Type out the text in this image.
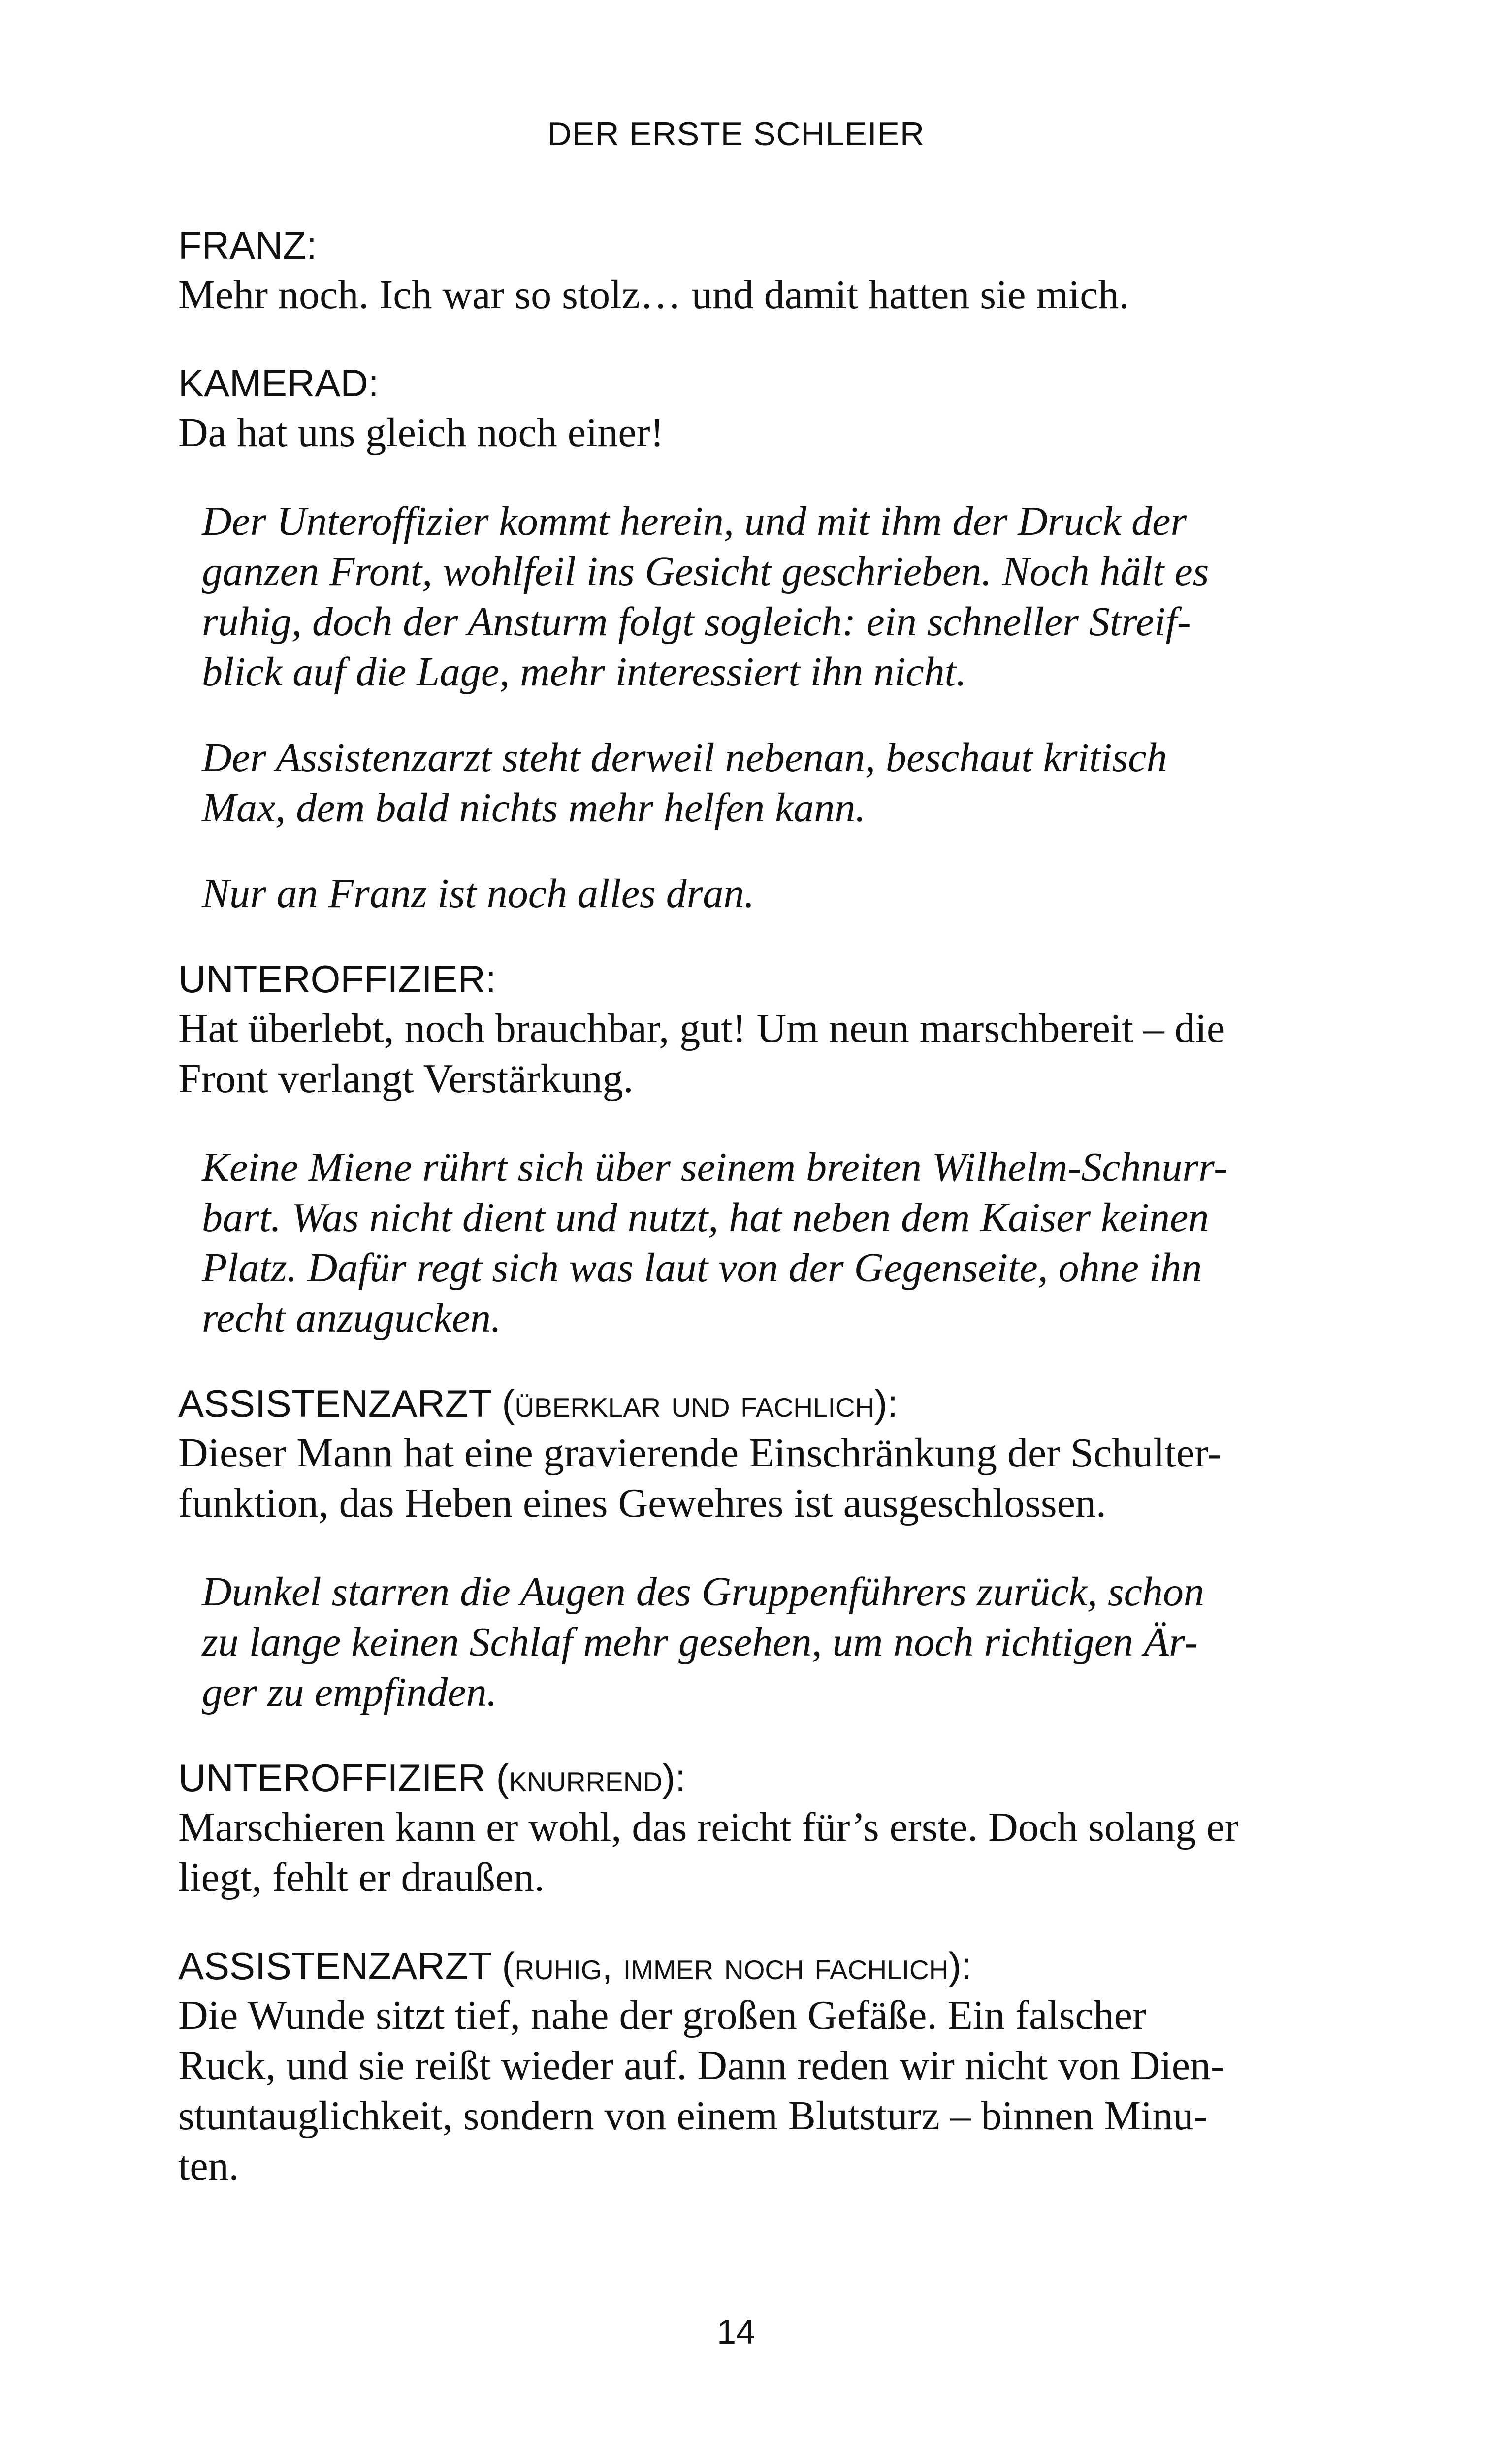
DER ERSTE SCHLEIER
FRANZ:
Mehr noch. Ich war so stolz… und damit hatten sie mich.
KAMERAD:
Da hat uns gleich noch einer!
Der Unteroffizier kommt herein, und mit ihm der Druck der
ganzen Front, wohlfeil ins Gesicht geschrieben. Noch hält es
ruhig, doch der Ansturm folgt sogleich: ein schneller Streif-
blick auf die Lage, mehr interessiert ihn nicht.
Der Assistenzarzt steht derweil nebenan, beschaut kritisch
Max, dem bald nichts mehr helfen kann.
Nur an Franz ist noch alles dran.
UNTEROFFIZIER:
Hat überlebt, noch brauchbar, gut! Um neun marschbereit – die
Front verlangt Verstärkung.
Keine Miene rührt sich über seinem breiten Wilhelm-Schnurr-
bart. Was nicht dient und nutzt, hat neben dem Kaiser keinen
Platz. Dafür regt sich was laut von der Gegenseite, ohne ihn
recht anzugucken.
ASSISTENZARZT (überklar und fachlich):
Dieser Mann hat eine gravierende Einschränkung der Schulter-
funktion, das Heben eines Gewehres ist ausgeschlossen.
Dunkel starren die Augen des Gruppenführers zurück, schon
zu lange keinen Schlaf mehr gesehen, um noch richtigen Är-
ger zu empfinden.
UNTEROFFIZIER (knurrend):
Marschieren kann er wohl, das reicht für’s erste. Doch solang er
liegt, fehlt er draußen.
ASSISTENZARZT (ruhig, immer noch fachlich):
Die Wunde sitzt tief, nahe der großen Gefäße. Ein falscher
Ruck, und sie reißt wieder auf. Dann reden wir nicht von Dien-
stuntauglichkeit, sondern von einem Blutsturz – binnen Minu-
ten.
14
